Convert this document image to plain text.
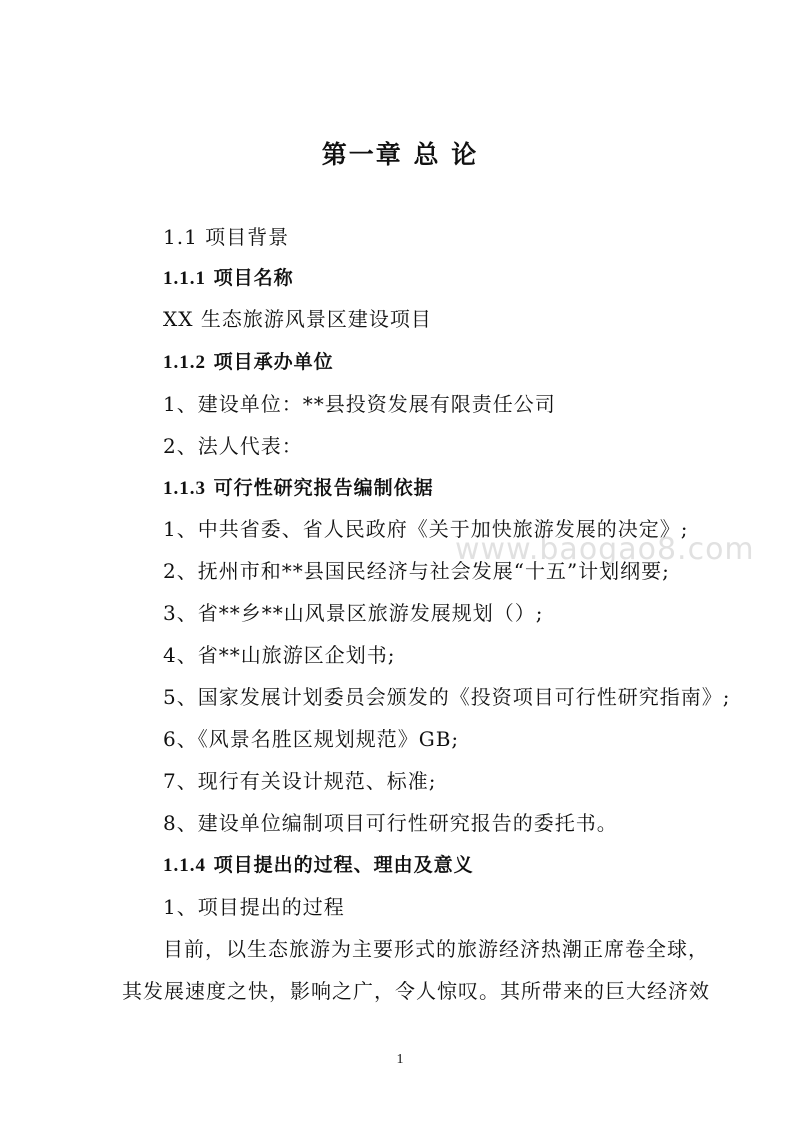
第一章 总 论
www.baogao8.com
1.1 项目背景
1.1.1 项目名称
XX 生态旅游风景区建设项目
1.1.2 项目承办单位
1、建设单位：**县投资发展有限责任公司
2、法人代表：
1.1.3 可行性研究报告编制依据
1、中共省委、省人民政府《关于加快旅游发展的决定》;
2、抚州市和**县国民经济与社会发展“十五”计划纲要;
3、省**乡**山风景区旅游发展规划（）;
4、省**山旅游区企划书;
5、国家发展计划委员会颁发的《投资项目可行性研究指南》;
6、《风景名胜区规划规范》GB;
7、现行有关设计规范、标准;
8、建设单位编制项目可行性研究报告的委托书。
1.1.4 项目提出的过程、理由及意义
1、项目提出的过程
目前，以生态旅游为主要形式的旅游经济热潮正席卷全球，
其发展速度之快，影响之广，令人惊叹。其所带来的巨大经济效
1
